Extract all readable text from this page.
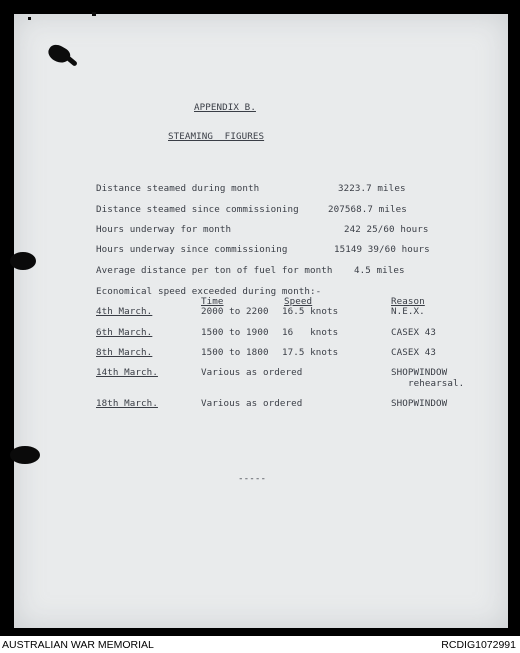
APPENDIX B.
STEAMING FIGURES
Distance steamed during month	3223.7 miles
Distance steamed since commissioning	207568.7 miles
Hours underway for month	242 25/60 hours
Hours underway since commissioning	15149 39/60 hours
Average distance per ton of fuel for month 4.5 miles
Economical speed exceeded during month:-
Time	Speed	Reason
4th March.	2000 to 2200 16.5 knots	N.E.X.
6th March.	1500 to 1900 16   knots	CASEX 43
8th March.	1500 to 1800 17.5 knots	CASEX 43
14th March.	Various as ordered	SHOPWINDOW
rehearsal.
18th March.	Various as ordered	SHOPWINDOW
-----
AUSTRALIAN WAR MEMORIAL	RCDIG1072991
